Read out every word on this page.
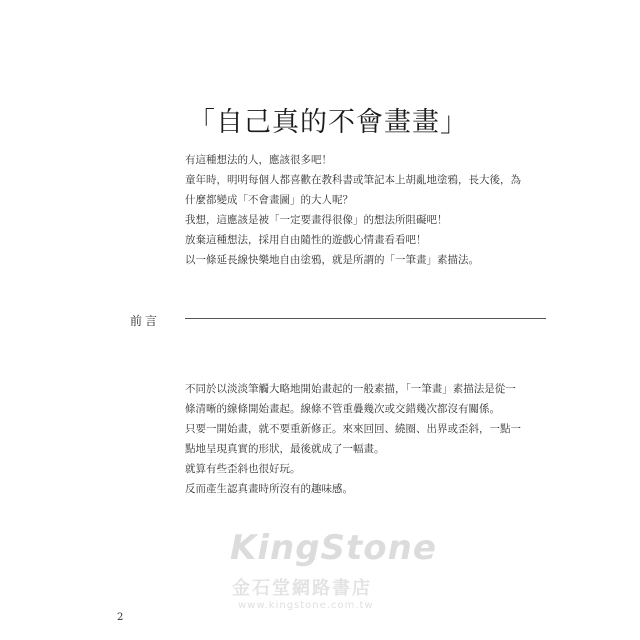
「自己真的不會畫畫」
有這種想法的人，應該很多吧！
童年時，明明每個人都喜歡在教科書或筆記本上胡亂地塗鴉，長大後，為
什麼都變成「不會畫圖」的大人呢？
我想，這應該是被「一定要畫得很像」的想法所阻礙吧！
放棄這種想法，採用自由隨性的遊戲心情畫看看吧！
以一條延長線快樂地自由塗鴉，就是所謂的「一筆畫」素描法。
前言
不同於以淡淡筆觸大略地開始畫起的一般素描，「一筆畫」素描法是從一
條清晰的線條開始畫起。線條不管重疊幾次或交錯幾次都沒有關係。
只要一開始畫，就不要重新修正。來來回回、繞圈、出界或歪斜，一點一
點地呈現真實的形狀，最後就成了一幅畫。
就算有些歪斜也很好玩。
反而產生認真畫時所沒有的趣味感。
KingStone
金石堂網路書店
www.kingstone.com.tw
2
